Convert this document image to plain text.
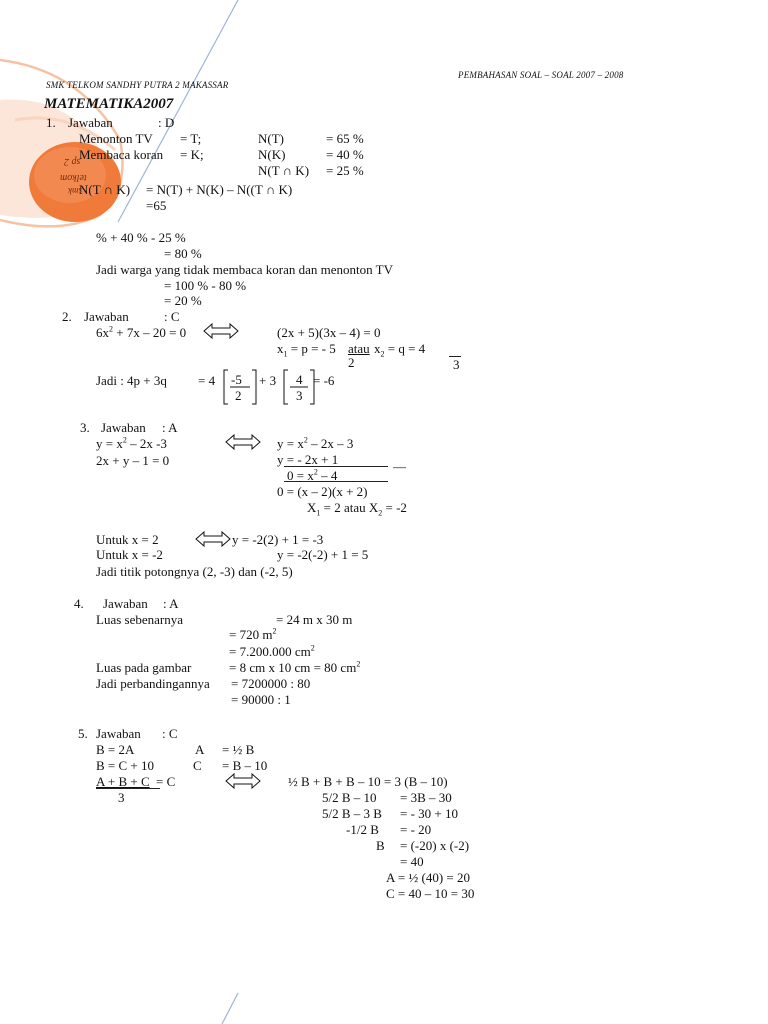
smk
telkom
sp 2
PEMBAHASAN SOAL – SOAL 2007 – 2008
SMK TELKOM SANDHY PUTRA 2 MAKASSAR
MATEMATIKA2007
1. Jawaban	: D
Menonton TV = T;	N(T)	= 65 %
Membaca koran = K;	N(K)	= 40 %
N(T ∩ K) = 25 %
N(T ∩ K) = N(T) + N(K) – N((T ∩ K)
=65
% + 40 % - 25 %
= 80 %
Jadi warga yang tidak membaca koran dan menonton TV
= 100 % - 80 %
= 20 %
2. Jawaban	: C
$6x^2 + 7x - 20 = 0$	(2x + 5)(3x – 4) = 0
$x_1 = p$ = - 5 atau $x_2 = q = 4$
2	3
Jadi : 4p + 3q = 4 -5
2
+ 3 4
3
= -6
3. Jawaban : A
$y = x^2 - 2x$ -3
2x + y – 1 = 0
$y = x^2 - 2x - 3$
y = - 2x + 1	—
$0 = x^2 - 4$
0 = (x – 2)(x + 2)
$X_1 = 2$ atau $X_2 = -2$
Untuk x = 2	y = -2(2) + 1 = -3
Untuk x = -2	y = -2(-2) + 1 = 5
Jadi titik potongnya (2, -3) dan (-2, 5)
4. Jawaban : A
Luas sebenarnya	= 24 m x 30 m
= 720 $m^2$
= 7.200.000 $cm^2$
Luas pada gambar	= 8 cm x 10 cm = 80 $cm^2$
Jadi perbandingannya = 7200000 : 80
= 90000 : 1
5. Jawaban : C
B = 2A	A = ½ B
B = C + 10	C = B – 10
A + B + C = C
3
½ B + B + B – 10 = 3 (B – 10)
5/2 B – 10 = 3B – 30
5/2 B – 3 B = - 30 + 10
-1/2 B = - 20
B = (-20) x (-2)
= 40
A = ½ (40) = 20
C = 40 – 10 = 30
